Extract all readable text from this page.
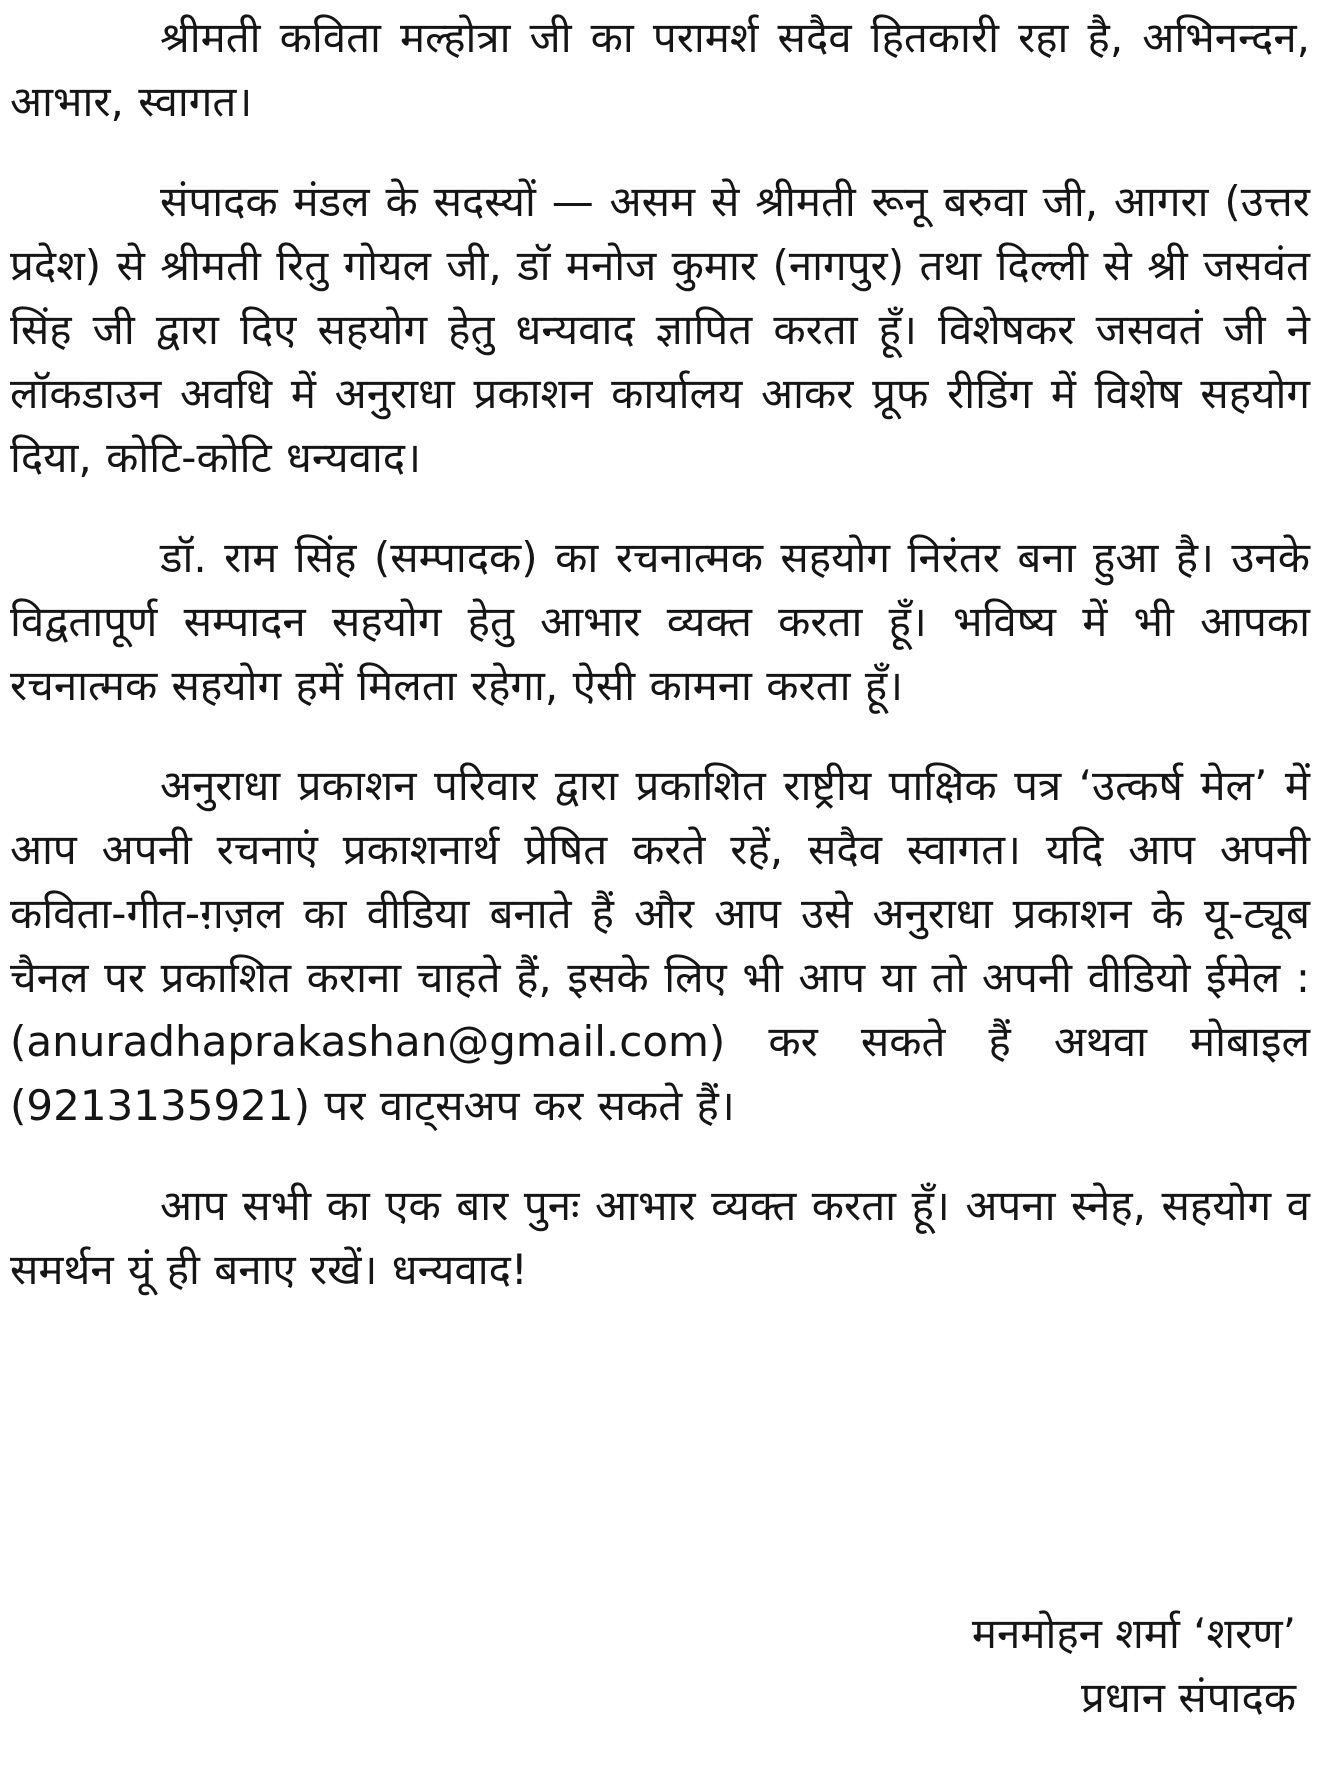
श्रीमती कविता मल्होत्रा जी का परामर्श सदैव हितकारी रहा है, अभिनन्दन, आभार, स्वागत।

संपादक मंडल के सदस्यों — असम से श्रीमती रूनू बरुवा जी, आगरा (उत्तर प्रदेश) से श्रीमती रितु गोयल जी, डॉ मनोज कुमार (नागपुर) तथा दिल्ली से श्री जसवंत सिंह जी द्वारा दिए सहयोग हेतु धन्यवाद ज्ञापित करता हूँ। विशेषकर जसवतं जी ने लॉकडाउन अवधि में अनुराधा प्रकाशन कार्यालय आकर प्रूफ रीडिंग में विशेष सहयोग दिया, कोटि-कोटि धन्यवाद।

डॉ. राम सिंह (सम्पादक) का रचनात्मक सहयोग निरंतर बना हुआ है। उनके विद्वतापूर्ण सम्पादन सहयोग हेतु आभार व्यक्त करता हूँ। भविष्य में भी आपका रचनात्मक सहयोग हमें मिलता रहेगा, ऐसी कामना करता हूँ।

अनुराधा प्रकाशन परिवार द्वारा प्रकाशित राष्ट्रीय पाक्षिक पत्र ‘उत्कर्ष मेल’ में आप अपनी रचनाएं प्रकाशनार्थ प्रेषित करते रहें, सदैव स्वागत। यदि आप अपनी कविता-गीत-ग़ज़ल का वीडिया बनाते हैं और आप उसे अनुराधा प्रकाशन के यू-ट्यूब चैनल पर प्रकाशित कराना चाहते हैं, इसके लिए भी आप या तो अपनी वीडियो ईमेल : (anuradhaprakashan@gmail.com) कर सकते हैं अथवा मोबाइल (9213135921) पर वाट्सअप कर सकते हैं।

आप सभी का एक बार पुनः आभार व्यक्त करता हूँ। अपना स्नेह, सहयोग व समर्थन यूं ही बनाए रखें। धन्यवाद!

मनमोहन शर्मा ‘शरण’
प्रधान संपादक
